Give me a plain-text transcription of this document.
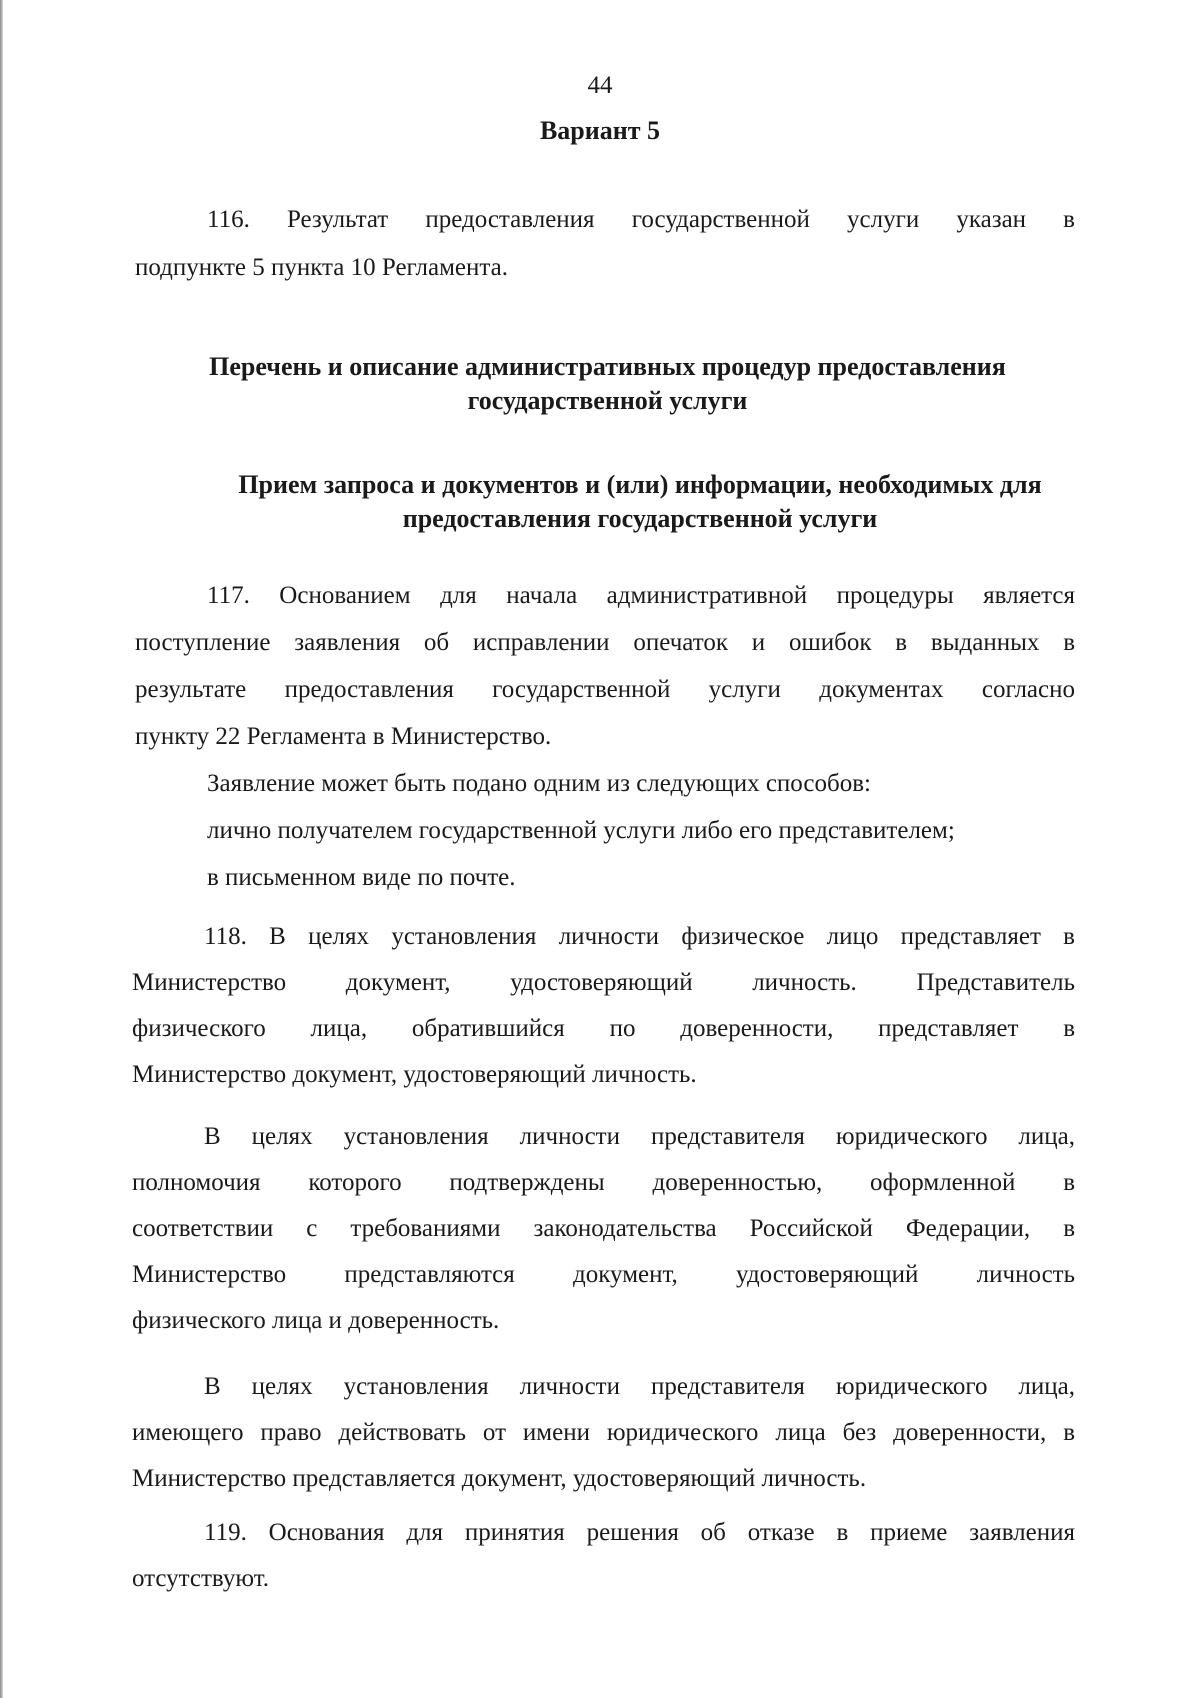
44
Вариант 5
116. Результат предоставления государственной услуги указан в
подпункте 5 пункта 10 Регламента.
Перечень и описание административных процедур предоставления
государственной услуги
Прием запроса и документов и (или) информации, необходимых для
предоставления государственной услуги
117. Основанием для начала административной процедуры является
поступление заявления об исправлении опечаток и ошибок в выданных в
результате предоставления государственной услуги документах согласно
пункту 22 Регламента в Министерство.
Заявление может быть подано одним из следующих способов:
лично получателем государственной услуги либо его представителем;
в письменном виде по почте.
118. В целях установления личности физическое лицо представляет в
Министерство документ, удостоверяющий личность. Представитель
физического лица, обратившийся по доверенности, представляет в
Министерство документ, удостоверяющий личность.
В целях установления личности представителя юридического лица,
полномочия которого подтверждены доверенностью, оформленной в
соответствии с требованиями законодательства Российской Федерации, в
Министерство представляются документ, удостоверяющий личность
физического лица и доверенность.
В целях установления личности представителя юридического лица,
имеющего право действовать от имени юридического лица без доверенности, в
Министерство представляется документ, удостоверяющий личность.
119. Основания для принятия решения об отказе в приеме заявления
отсутствуют.
